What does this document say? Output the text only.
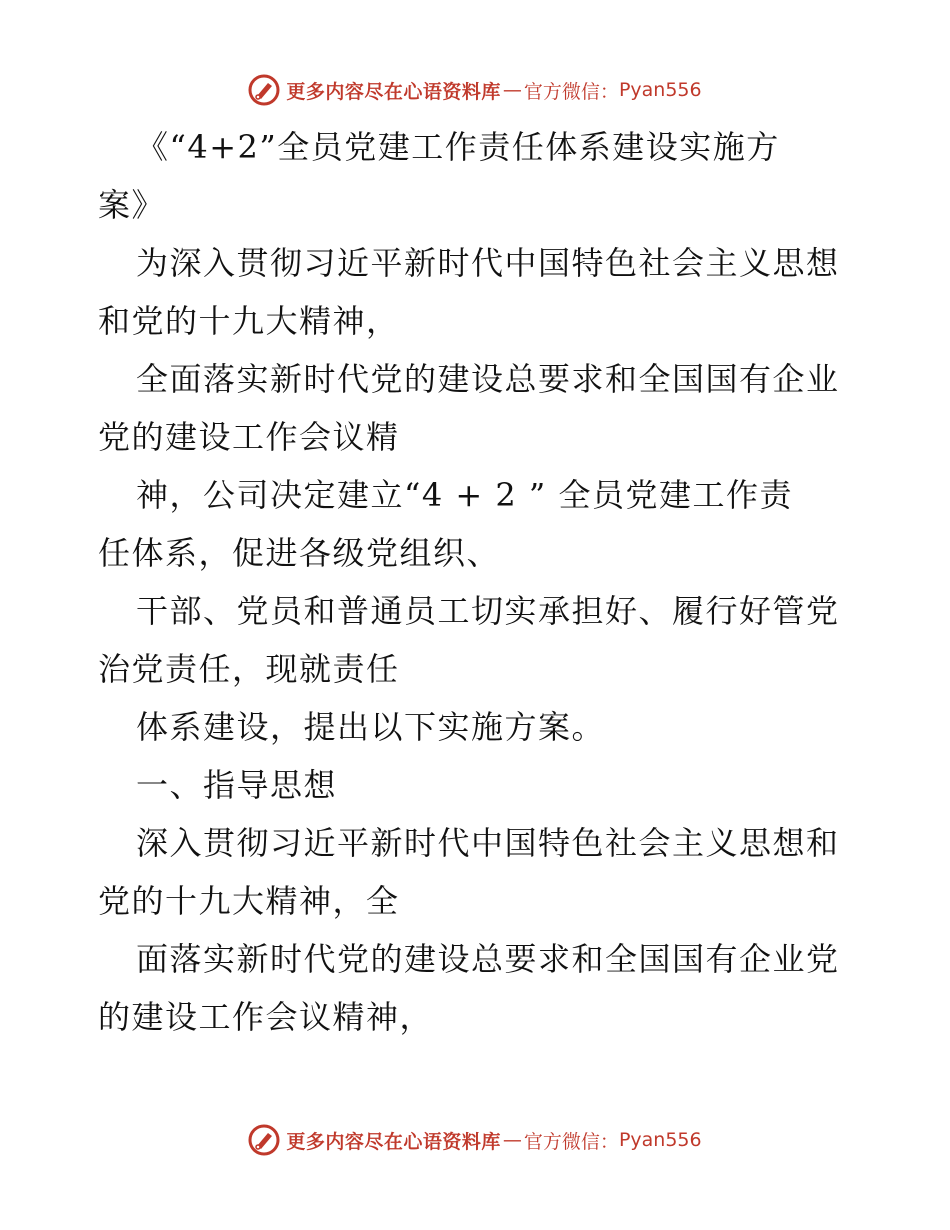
更多内容尽在心语资料库 — 官方微信： Pyan556
《“4+2”全员党建工作责任体系建设实施方
案》
为深入贯彻习近平新时代中国特色社会主义思想
和党的十九大精神，
全面落实新时代党的建设总要求和全国国有企业
党的建设工作会议精
神，公司决定建立“4 + 2 ” 全员党建工作责
任体系，促进各级党组织、
干部、党员和普通员工切实承担好、履行好管党
治党责任，现就责任
体系建设，提出以下实施方案。
一、指导思想
深入贯彻习近平新时代中国特色社会主义思想和
党的十九大精神，全
面落实新时代党的建设总要求和全国国有企业党
的建设工作会议精神，
更多内容尽在心语资料库 — 官方微信： Pyan556
